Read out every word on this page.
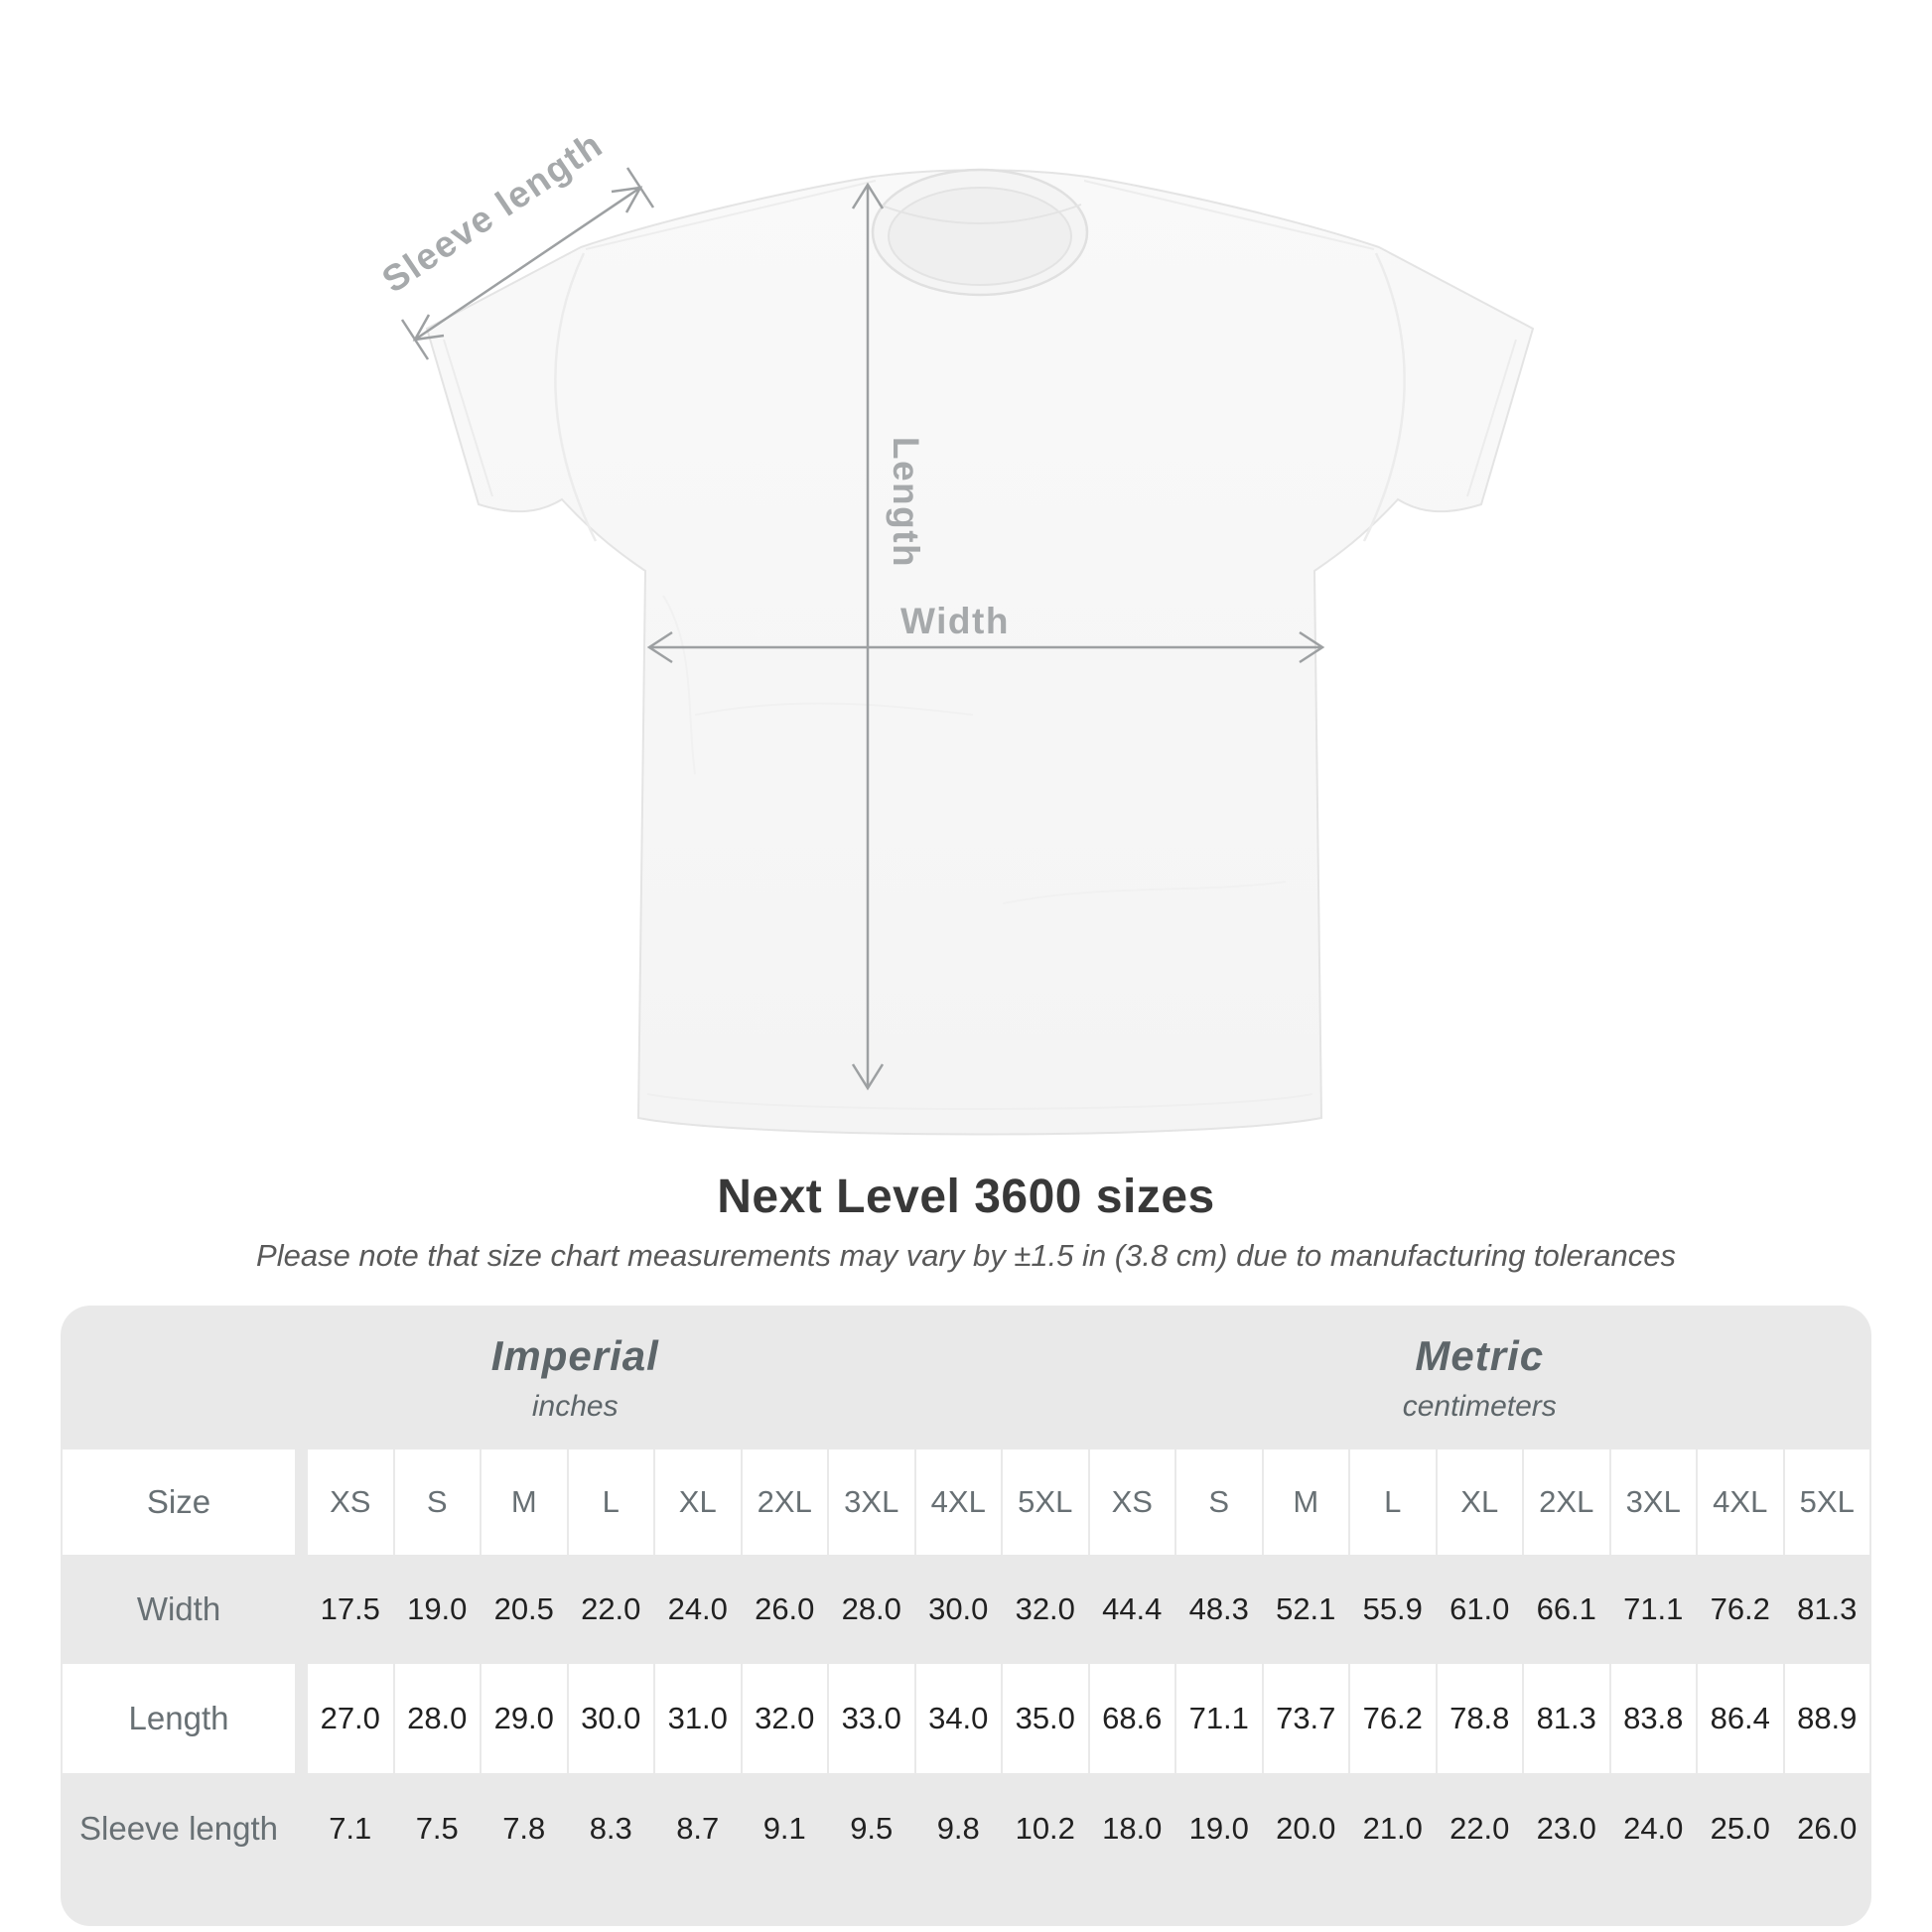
Sleeve length
Length
Width
Next Level 3600 sizes
Please note that size chart measurements may vary by ±1.5 in (3.8 cm) due to manufacturing tolerances
Imperial
inches

Metric
centimeters

Size		XS	S	M	L	XL	2XL	3XL	4XL	5XL	XS	S	M	L	XL	2XL	3XL	4XL	5XL
Width		17.5	19.0	20.5	22.0	24.0	26.0	28.0	30.0	32.0	44.4	48.3	52.1	55.9	61.0	66.1	71.1	76.2	81.3
Length		27.0	28.0	29.0	30.0	31.0	32.0	33.0	34.0	35.0	68.6	71.1	73.7	76.2	78.8	81.3	83.8	86.4	88.9
Sleeve length		7.1	7.5	7.8	8.3	8.7	9.1	9.5	9.8	10.2	18.0	19.0	20.0	21.0	22.0	23.0	24.0	25.0	26.0
